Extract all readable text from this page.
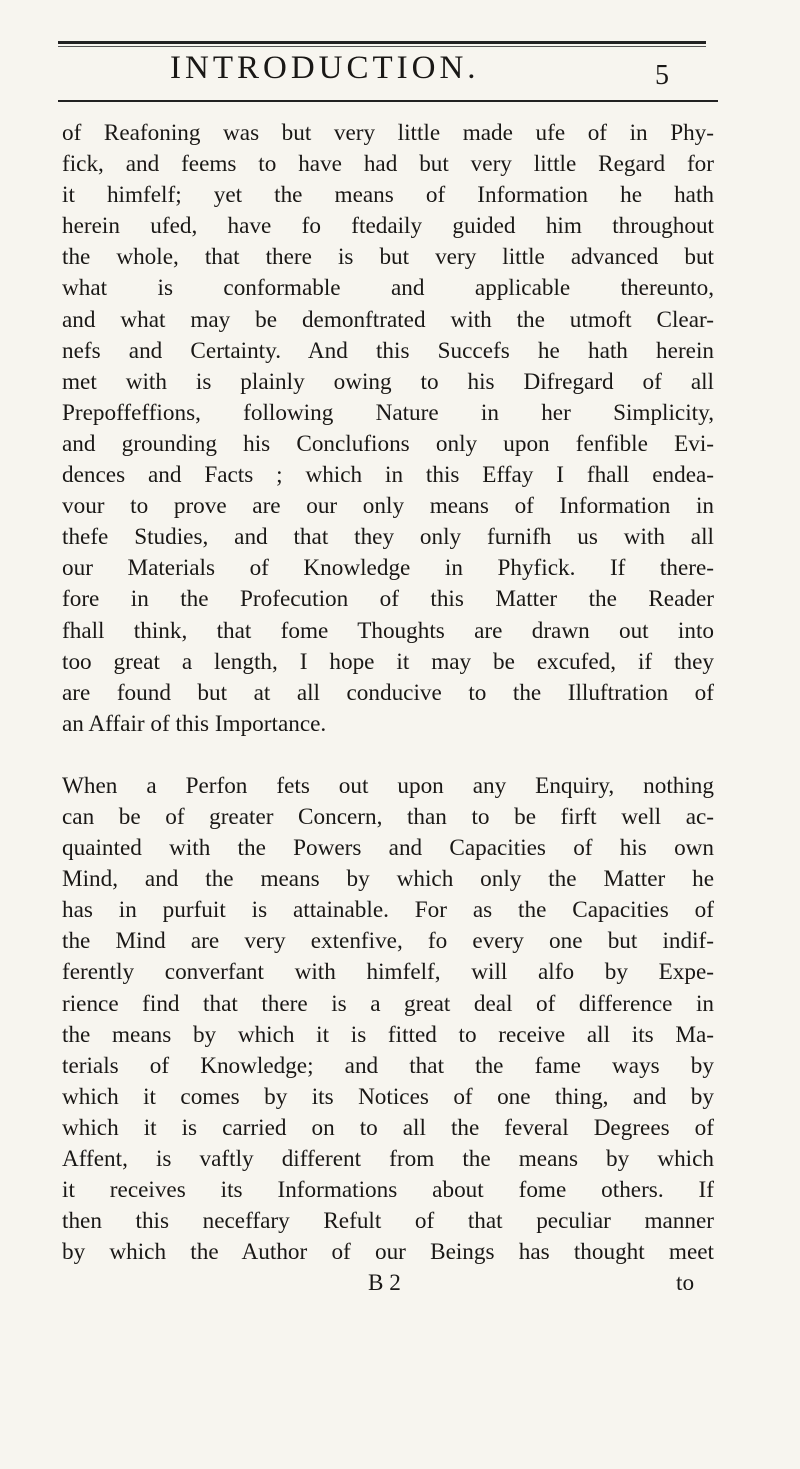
INTRODUCTION.	5
of Reafoning was but very little made ufe of in Phy-
fick, and feems to have had but very little Regard for
it himfelf; yet the means of Information he hath
herein ufed, have fo ftedaily guided him throughout
the whole, that there is but very little advanced but
what is conformable and applicable thereunto,
and what may be demonftrated with the utmoft Clear-
nefs and Certainty. And this Succefs he hath herein
met with is plainly owing to his Difregard of all
Prepoffeffions, following Nature in her Simplicity,
and grounding his Conclufions only upon fenfible Evi-
dences and Facts ; which in this Effay I fhall endea-
vour to prove are our only means of Information in
thefe Studies, and that they only furnifh us with all
our Materials of Knowledge in Phyfick. If there-
fore in the Profecution of this Matter the Reader
fhall think, that fome Thoughts are drawn out into
too great a length, I hope it may be excufed, if they
are found but at all conducive to the Illuftration of
an Affair of this Importance.
When a Perfon fets out upon any Enquiry, nothing
can be of greater Concern, than to be firft well ac-
quainted with the Powers and Capacities of his own
Mind, and the means by which only the Matter he
has in purfuit is attainable. For as the Capacities of
the Mind are very extenfive, fo every one but indif-
ferently converfant with himfelf, will alfo by Expe-
rience find that there is a great deal of difference in
the means by which it is fitted to receive all its Ma-
terials of Knowledge; and that the fame ways by
which it comes by its Notices of one thing, and by
which it is carried on to all the feveral Degrees of
Affent, is vaftly different from the means by which
it receives its Informations about fome others. If
then this neceffary Refult of that peculiar manner
by which the Author of our Beings has thought meet
B 2	to
